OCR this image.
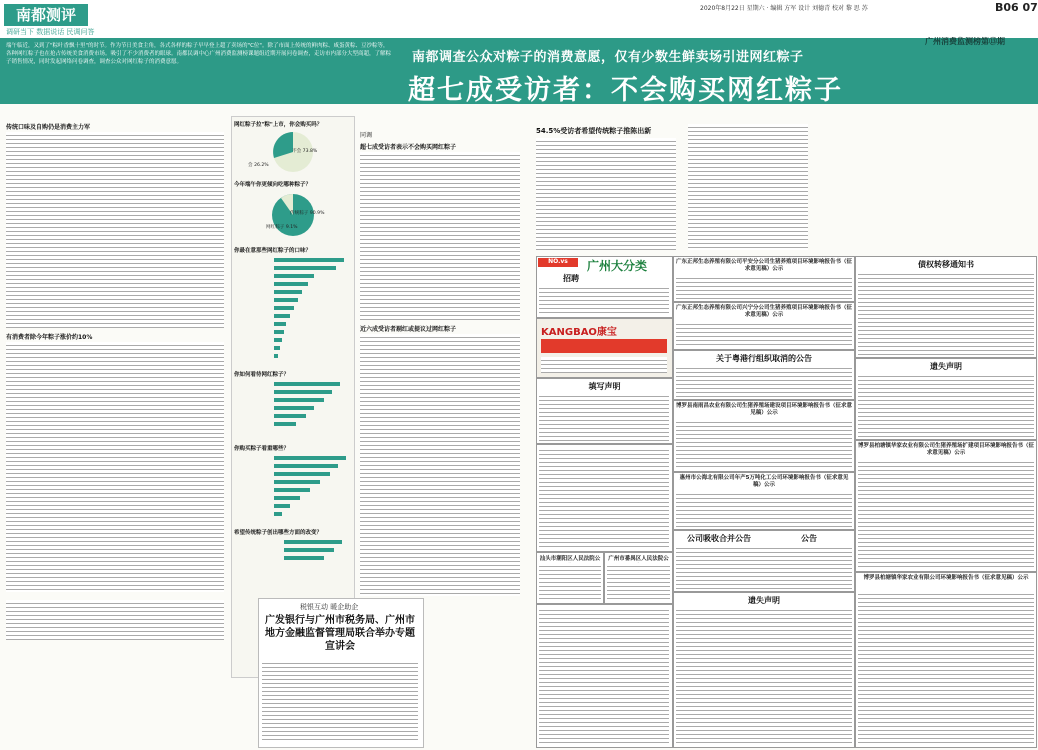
南都测评
调研当下 数据说话 民调问答
2020年8月22日 星期六 · 编辑 方军 设计 刘德青 校对 黎 思 苏	B06 07
端午临近，又到了"粽叶香飘十里"的时节。作为节日美食主角，各式各样的粽子早早登上超了卖场的"C位"。除了市面上传统的鲜肉粽、咸蛋黄粽、豆沙粽等，各种网红粽子也在抢占传统美食消费市场。吸引了不少消费者的眼球。南都民调中心广州消费监测榜课题组近期开展问卷调查，走访市内部分大型商超，了解粽子销售情况，同时发起网络问卷调查，调查公众对网红粽子的消费意愿。
广州消费监测榜第⑬期
南都调查公众对粽子的消费意愿，仅有少数生鲜卖场引进网红粽子
超七成受访者：不会购买网红粽子
传统口味及自购仍是消费主力军
有消费者除今年粽子涨价约10%
网红粽子拉"粽"上市，你会购买吗？
不会 73.8%
会 26.2%
今年端午你更倾向吃哪种粽子？
传统粽子 90.9%
网红粽子 9.1%
你最在意那些网红粽子的口味？
你如何看待网红粽子？
你购买粽子看重哪些？
希望传统粽子创出哪些方面的改变？
同调
超七成受访者表示不会购买网红粽子
近六成受访者剔红或提议过网红粽子
54.5%受访者希望传统粽子推陈出新
税银互动 暖企助企
广发银行与广州市税务局、广州市地方金融监督管理局联合举办专题宣讲会
NO.vs	广州大分类
招聘
KANGBAO康宝
填写声明
广东正邦生态养殖有限公司平安分公司生猪养殖项目环境影响报告书（征求意见稿）公示
广东正邦生态养殖有限公司兴宁分公司生猪养殖项目环境影响报告书（征求意见稿）公示
关于粤港行组织取消的公告
博罗县南雨昌农业有限公司生猪养殖场建设项目环境影响报告书（征求意见稿）公示
惠州市公海北有限公司年产5万吨化工公司环境影响报告书（征求意见稿）公示
汕头市潮阳区人民法院公	广州市番禺区人民法院公
公司吸收合并公告	公告
遗失声明
债权转移通知书
遗失声明
博罗县柏塘镇华家农业有限公司生猪养殖场扩建项目环境影响报告书（征求意见稿）公示
博罗县柏塘镇华家农业有限公司环境影响报告书（征求意见稿）公示
